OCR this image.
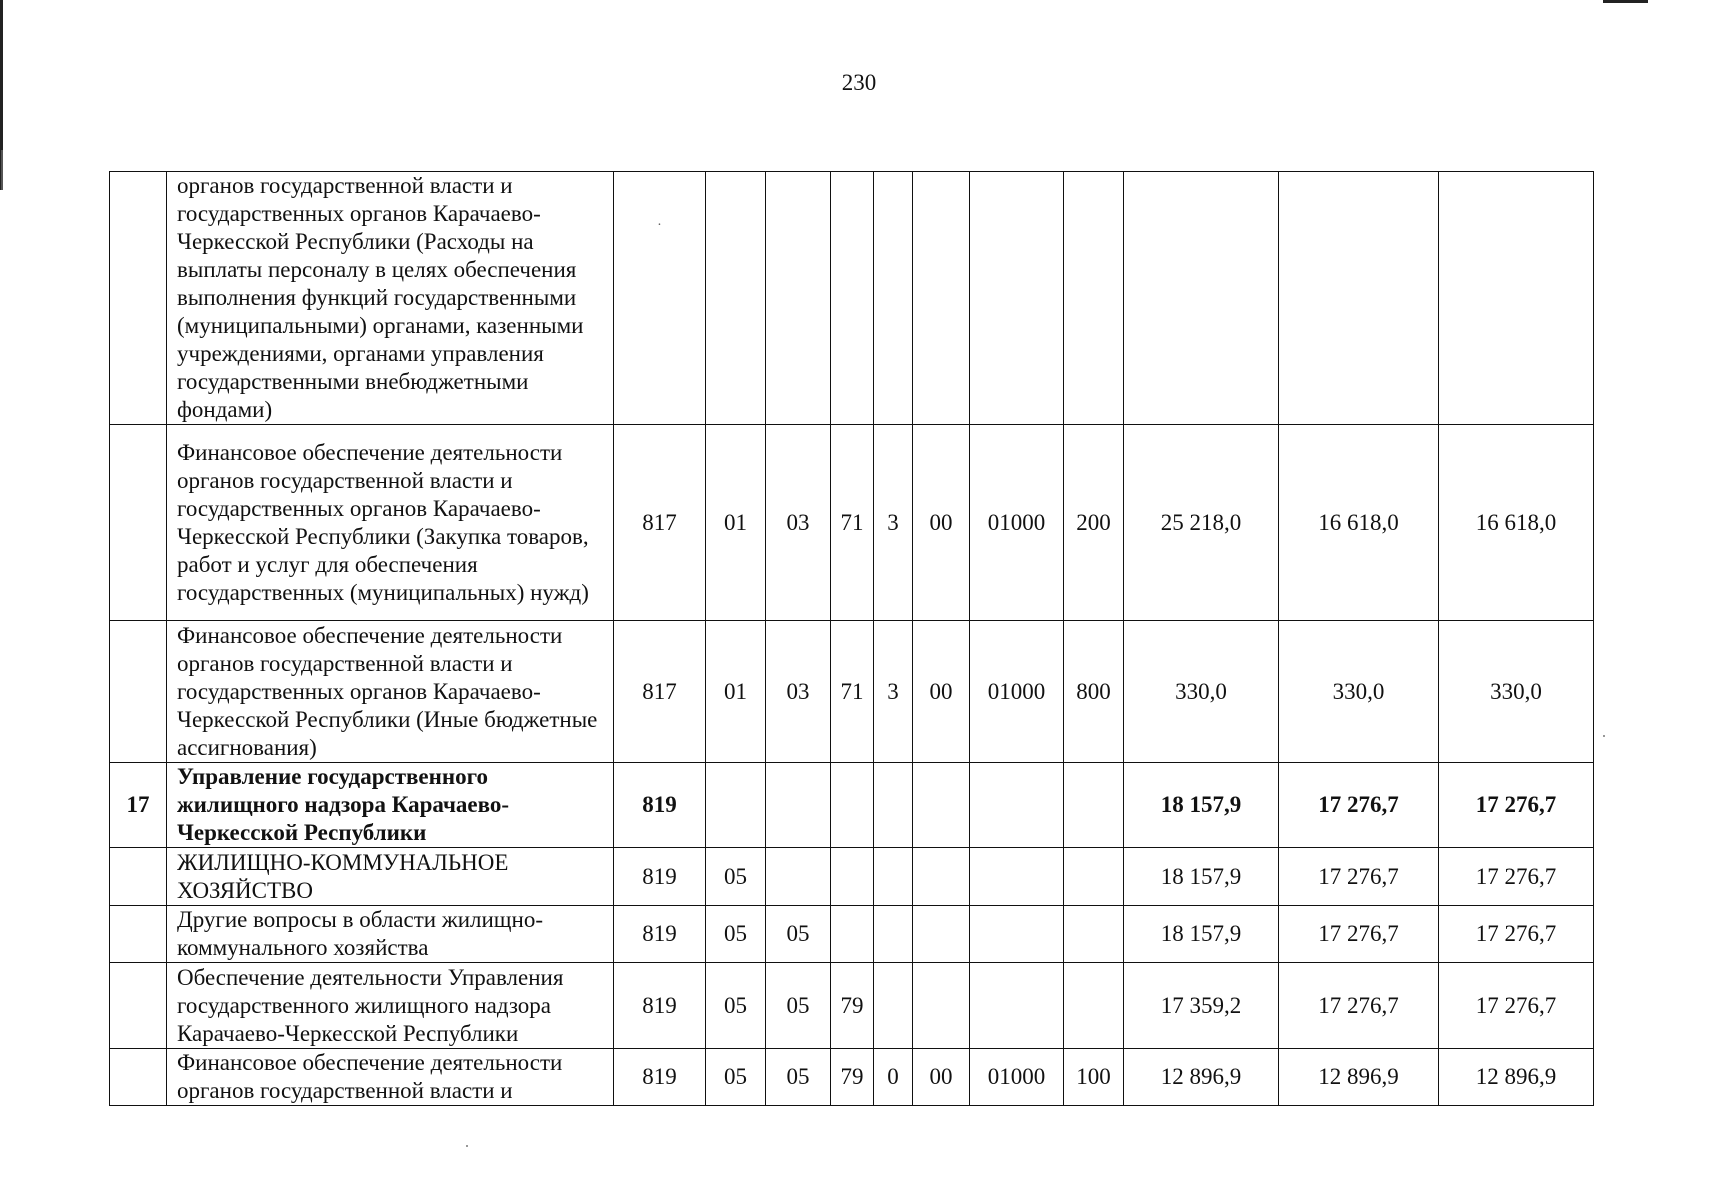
230
	органов государственной власти и государственных органов Карачаево-Черкесской Республики (Расходы на выплаты персоналу в целях обеспечения выполнения функций государственными (муниципальными) органами, казенными учреждениями, органами управления государственными внебюджетными фондами)	·										
	Финансовое обеспечение деятельности органов государственной власти и государственных органов Карачаево-Черкесской Республики (Закупка товаров, работ и услуг для обеспечения государственных (муниципальных) нужд)	817	01	03	71	3	00	01000	200	25 218,0	16 618,0	16 618,0
	Финансовое обеспечение деятельности органов государственной власти и государственных органов Карачаево-Черкесской Республики (Иные бюджетные ассигнования)	817	01	03	71	3	00	01000	800	330,0	330,0	330,0
17	Управление государственного жилищного надзора Карачаево-Черкесской Республики	819								18 157,9	17 276,7	17 276,7
	ЖИЛИЩНО-КОММУНАЛЬНОЕ ХОЗЯЙСТВО	819	05							18 157,9	17 276,7	17 276,7
	Другие вопросы в области жилищно-коммунального хозяйства	819	05	05						18 157,9	17 276,7	17 276,7
	Обеспечение деятельности Управления государственного жилищного надзора Карачаево-Черкесской Республики	819	05	05	79					17 359,2	17 276,7	17 276,7
	Финансовое обеспечение деятельности органов государственной власти и	819	05	05	79	0	00	01000	100	12 896,9	12 896,9	12 896,9
